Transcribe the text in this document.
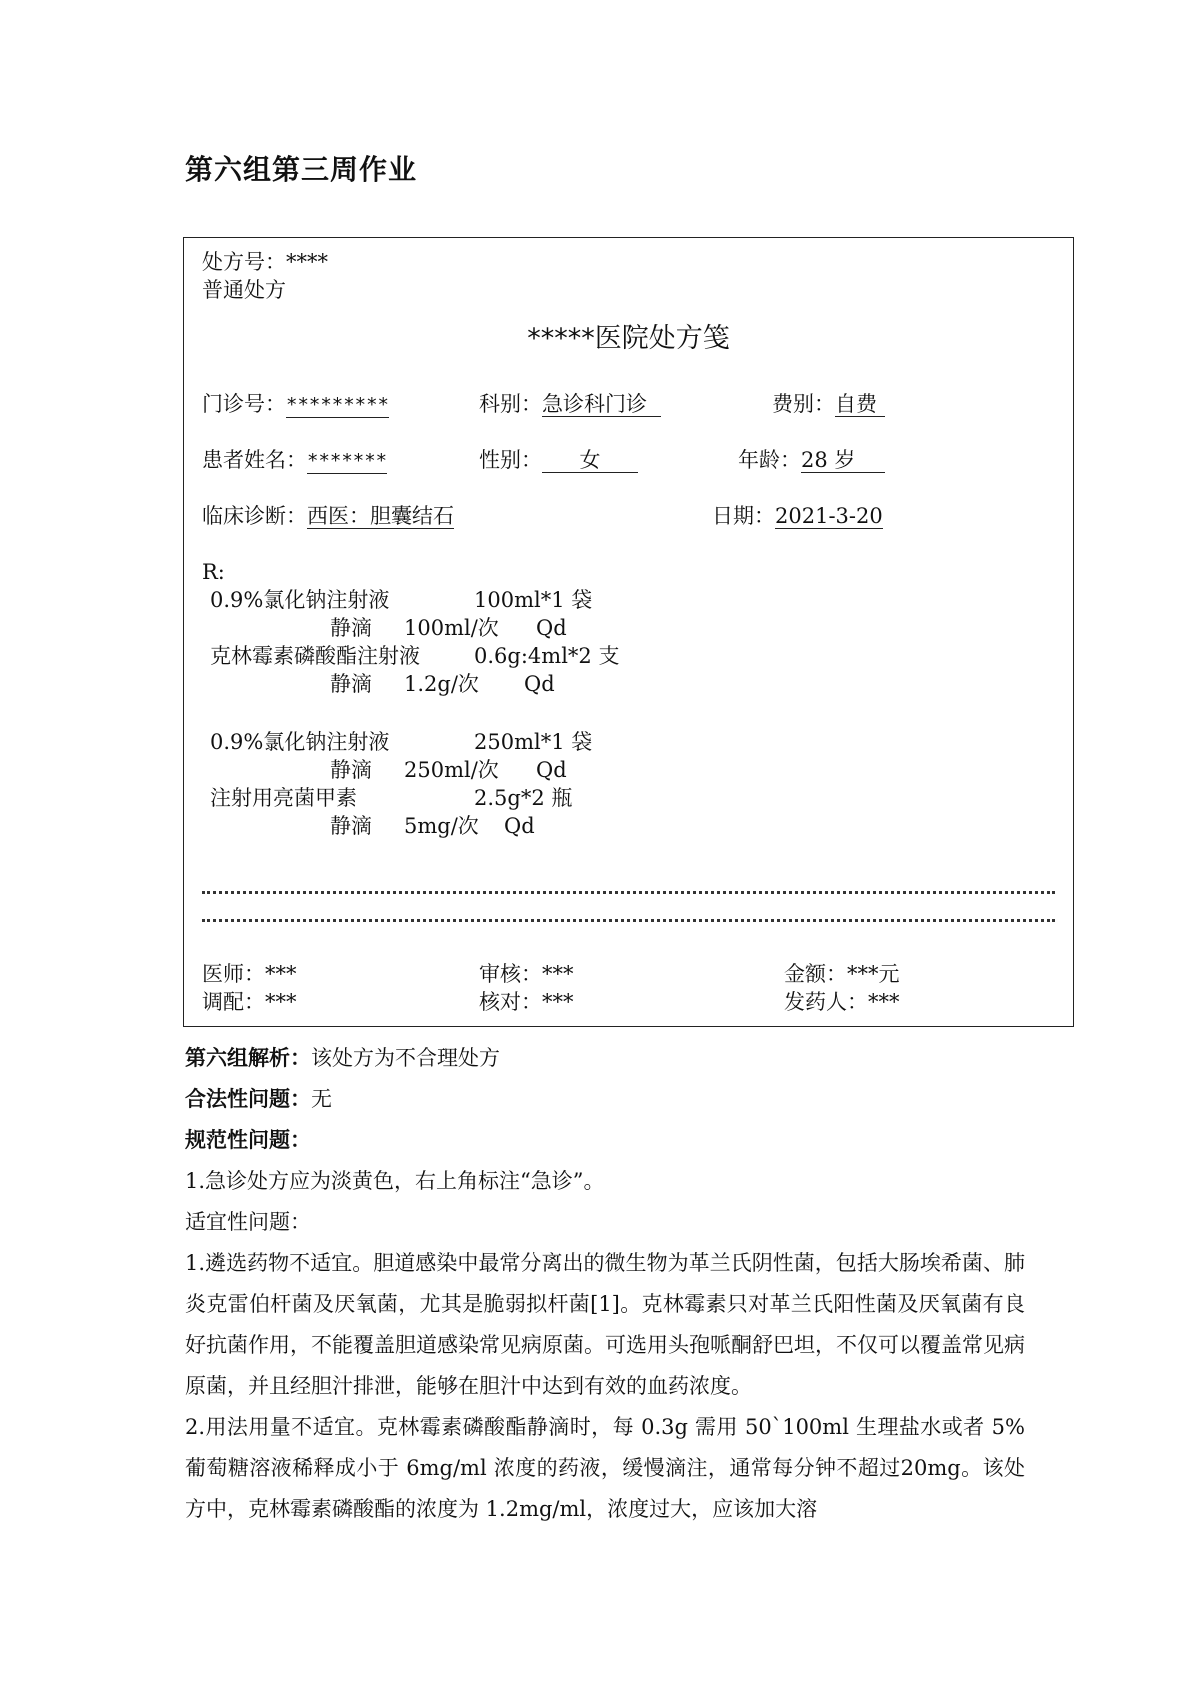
第六组第三周作业
处方号：****
普通处方
*****医院处方笺
门诊号：*********	科别：急诊科门诊	费别：自费
患者姓名：*******	性别： 女	年龄：28 岁
临床诊断：西医：胆囊结石	日期：2021-3-20
R:
0.9%氯化钠注射液	100ml*1 袋
静滴 100ml/次 Qd
克林霉素磷酸酯注射液	0.6g:4ml*2 支
静滴 1.2g/次 Qd
0.9%氯化钠注射液	250ml*1 袋
静滴 250ml/次 Qd
注射用亮菌甲素	2.5g*2 瓶
静滴 5mg/次 Qd
医师：***	审核：***	金额：***元
调配：***	核对：***	发药人：***
第六组解析：该处方为不合理处方
合法性问题：无
规范性问题：
1.急诊处方应为淡黄色，右上角标注“急诊”。
适宜性问题：
1.遴选药物不适宜。胆道感染中最常分离出的微生物为革兰氏阴性菌，包括大肠埃希菌、肺炎克雷伯杆菌及厌氧菌，尤其是脆弱拟杆菌[1]。克林霉素只对革兰氏阳性菌及厌氧菌有良好抗菌作用，不能覆盖胆道感染常见病原菌。可选用头孢哌酮舒巴坦，不仅可以覆盖常见病原菌，并且经胆汁排泄，能够在胆汁中达到有效的血药浓度。
2.用法用量不适宜。克林霉素磷酸酯静滴时，每 0.3g 需用 50`100ml 生理盐水或者 5%葡萄糖溶液稀释成小于 6mg/ml 浓度的药液，缓慢滴注，通常每分钟不超过20mg。该处方中，克林霉素磷酸酯的浓度为 1.2mg/ml，浓度过大，应该加大溶
